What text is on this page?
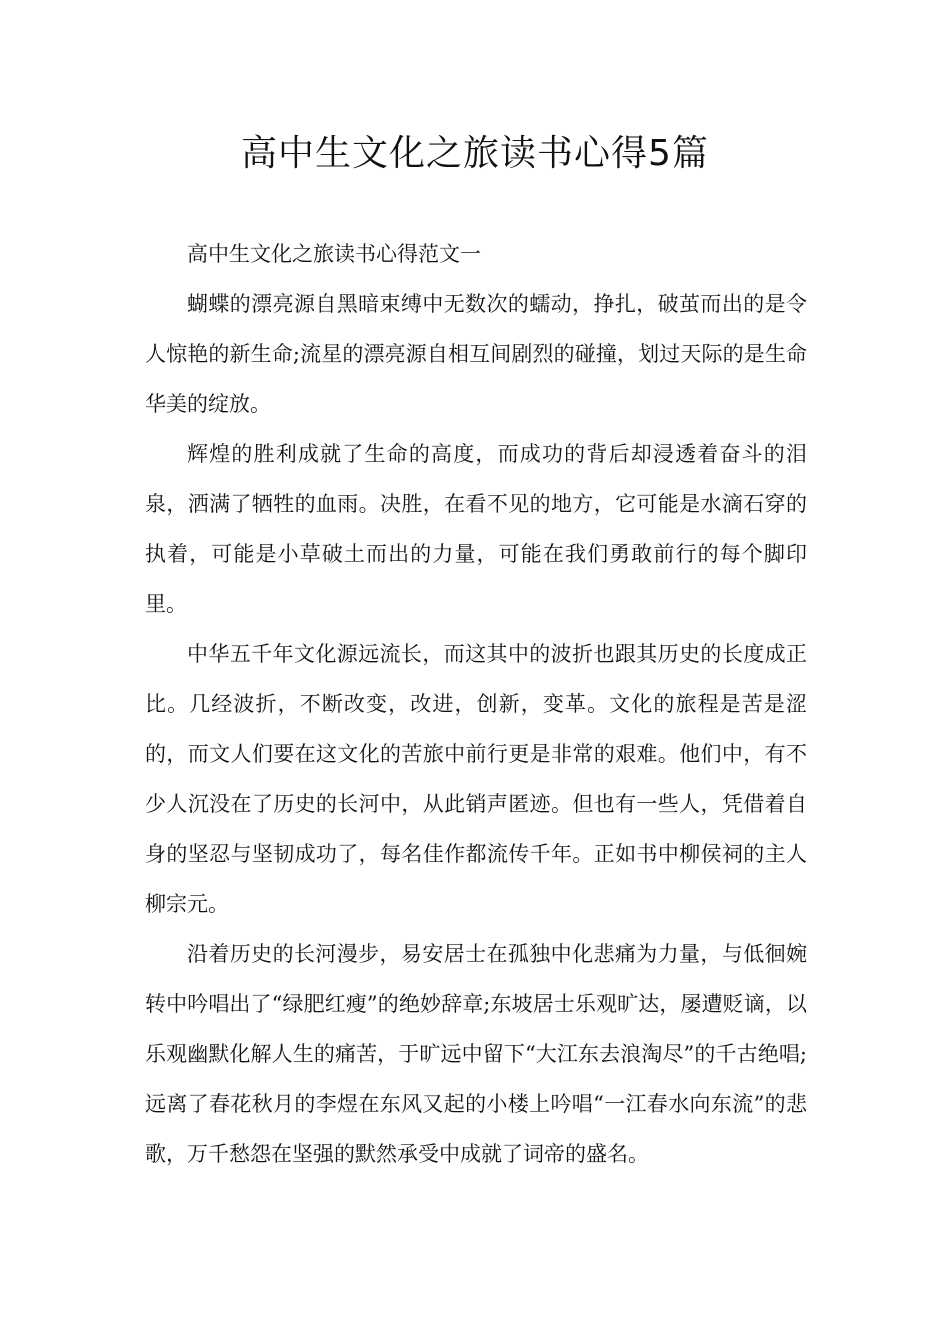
高中生文化之旅读书心得5篇

高中生文化之旅读书心得范文一

蝴蝶的漂亮源自黑暗束缚中无数次的蠕动，挣扎，破茧而出的是令人惊艳的新生命;流星的漂亮源自相互间剧烈的碰撞，划过天际的是生命华美的绽放。

辉煌的胜利成就了生命的高度，而成功的背后却浸透着奋斗的泪泉，洒满了牺牲的血雨。决胜，在看不见的地方，它可能是水滴石穿的执着，可能是小草破土而出的力量，可能在我们勇敢前行的每个脚印里。

中华五千年文化源远流长，而这其中的波折也跟其历史的长度成正比。几经波折，不断改变，改进，创新，变革。文化的旅程是苦是涩的，而文人们要在这文化的苦旅中前行更是非常的艰难。他们中，有不少人沉没在了历史的长河中，从此销声匿迹。但也有一些人，凭借着自身的坚忍与坚韧成功了，每名佳作都流传千年。正如书中柳侯祠的主人柳宗元。

沿着历史的长河漫步，易安居士在孤独中化悲痛为力量，与低徊婉转中吟唱出了“绿肥红瘦”的绝妙辞章;东坡居士乐观旷达，屡遭贬谪，以乐观幽默化解人生的痛苦，于旷远中留下“大江东去浪淘尽”的千古绝唱;远离了春花秋月的李煜在东风又起的小楼上吟唱“一江春水向东流”的悲歌，万千愁怨在坚强的默然承受中成就了词帝的盛名。
